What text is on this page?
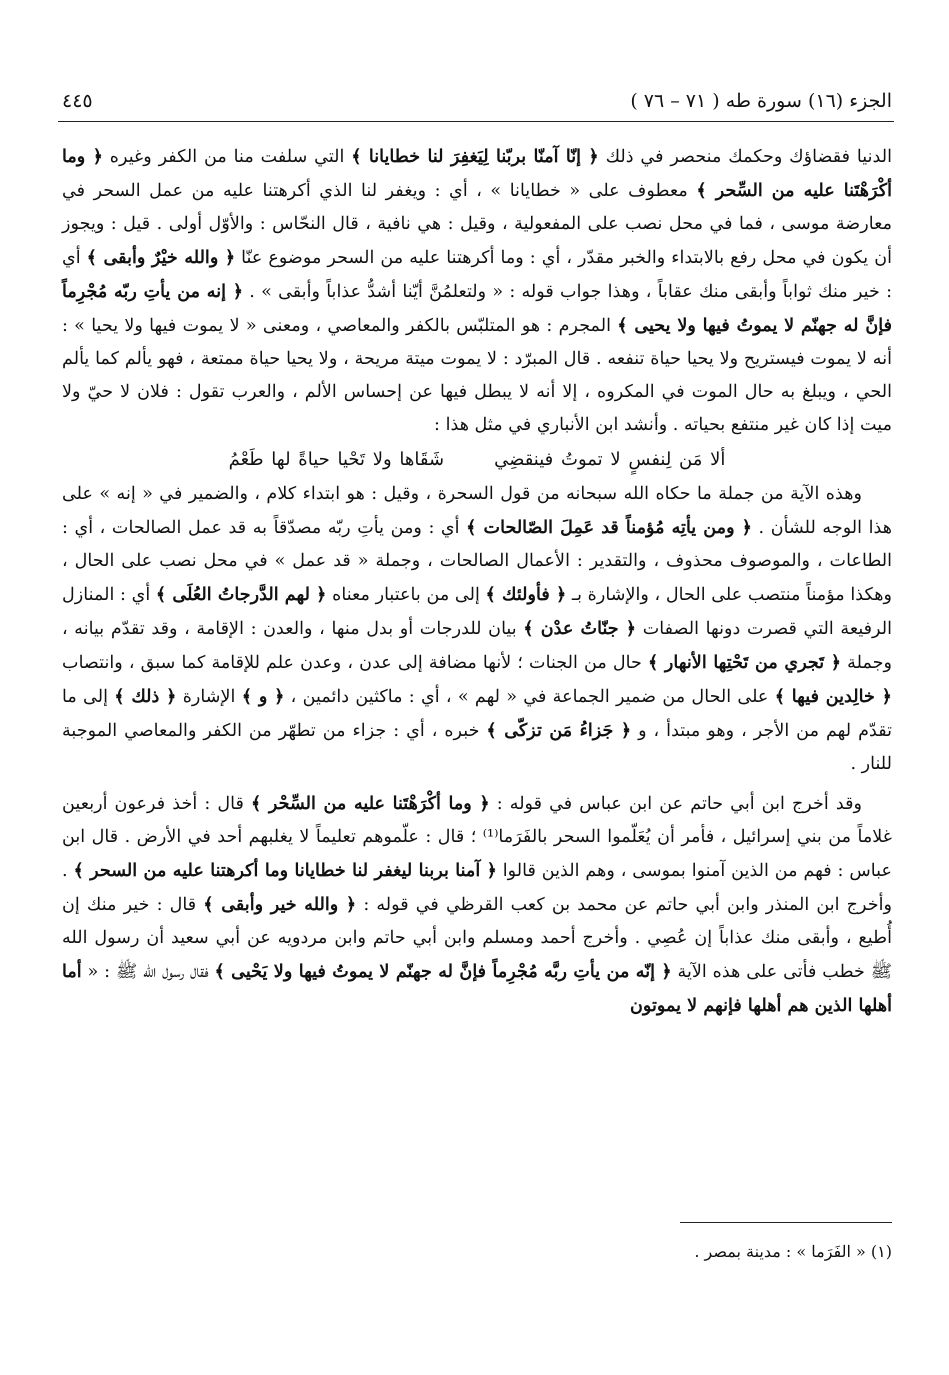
الجزء (١٦) سورة طه ( ٧١ – ٧٦ )
٤٤٥

الدنيا فقضاؤك وحكمك منحصر في ذلك ﴿ إنّا آمنّا بربّنا لِيَغفِرَ لنا خطايانا ﴾ التي سلفت منا من الكفر وغيره ﴿ وما أكْرَهْتَنا عليه من السِّحر ﴾ معطوف على « خطايانا » ، أي : ويغفر لنا الذي أكرهتنا عليه من عمل السحر في معارضة موسى ، فما في محل نصب على المفعولية ، وقيل : هي نافية ، قال النحّاس : والأوّل أولى . قيل : ويجوز أن يكون في محل رفع بالابتداء والخبر مقدّر ، أي : وما أكرهتنا عليه من السحر موضوع عنّا ﴿ والله خيْرٌ وأبقى ﴾ أي : خير منك ثواباً وأبقى منك عقاباً ، وهذا جواب قوله : « ولتعلمُنَّ أيّنا أشدُّ عذاباً وأبقى » . ﴿ إنه من يأتِ ربّه مُجْرِماً فإنَّ له جهنّم لا يموتُ فيها ولا يحيى ﴾ المجرم : هو المتلبّس بالكفر والمعاصي ، ومعنى « لا يموت فيها ولا يحيا » : أنه لا يموت فيستريح ولا يحيا حياة تنفعه . قال المبرّد : لا يموت ميتة مريحة ، ولا يحيا حياة ممتعة ، فهو يألم كما يألم الحي ، ويبلغ به حال الموت في المكروه ، إلا أنه لا يبطل فيها عن إحساس الألم ، والعرب تقول : فلان لا حيّ ولا ميت إذا كان غير منتفع بحياته . وأنشد ابن الأنباري في مثل هذا :

ألا مَن لِنفسٍ لا تموتُ فينقضِيشَقَاها ولا تَحْيا حياةً لها طَعْمُ

وهذه الآية من جملة ما حكاه الله سبحانه من قول السحرة ، وقيل : هو ابتداء كلام ، والضمير في « إنه » على هذا الوجه للشأن . ﴿ ومن يأتِه مُؤمناً قد عَمِلَ الصّالحات ﴾ أي : ومن يأتِ ربّه مصدّقاً به قد عمل الصالحات ، أي : الطاعات ، والموصوف محذوف ، والتقدير : الأعمال الصالحات ، وجملة « قد عمل » في محل نصب على الحال ، وهكذا مؤمناً منتصب على الحال ، والإشارة بـ ﴿ فأولئك ﴾ إلى من باعتبار معناه ﴿ لهم الدَّرجاتُ العُلَى ﴾ أي : المنازل الرفيعة التي قصرت دونها الصفات ﴿ جنّاتُ عدْن ﴾ بيان للدرجات أو بدل منها ، والعدن : الإقامة ، وقد تقدّم بيانه ، وجملة ﴿ تَجري من تَحْتِها الأنهار ﴾ حال من الجنات ؛ لأنها مضافة إلى عدن ، وعدن علم للإقامة كما سبق ، وانتصاب ﴿ خالِدين فيها ﴾ على الحال من ضمير الجماعة في « لهم » ، أي : ماكثين دائمين ، ﴿ و ﴾ الإشارة ﴿ ذلك ﴾ إلى ما تقدّم لهم من الأجر ، وهو مبتدأ ، و ﴿ جَزاءُ مَن تزكّى ﴾ خبره ، أي : جزاء من تطهّر من الكفر والمعاصي الموجبة للنار .

وقد أخرج ابن أبي حاتم عن ابن عباس في قوله : ﴿ وما أكْرَهْتَنا عليه من السِّحْر ﴾ قال : أخذ فرعون أربعين غلاماً من بني إسرائيل ، فأمر أن يُعَلّموا السحر بالفَرَما⁽¹⁾ ؛ قال : علّموهم تعليماً لا يغلبهم أحد في الأرض . قال ابن عباس : فهم من الذين آمنوا بموسى ، وهم الذين قالوا ﴿ آمنا بربنا ليغفر لنا خطايانا وما أكرهتنا عليه من السحر ﴾ . وأخرج ابن المنذر وابن أبي حاتم عن محمد بن كعب القرظي في قوله : ﴿ والله خير وأبقى ﴾ قال : خير منك إن أُطيع ، وأبقى منك عذاباً إن عُصِي . وأخرج أحمد ومسلم وابن أبي حاتم وابن مردويه عن أبي سعيد أن رسول الله ﷺ خطب فأتى على هذه الآية ﴿ إنّه من يأتِ ربَّه مُجْرِماً فإنَّ له جهنّم لا يموتُ فيها ولا يَحْيى ﴾ فقال رسول الله ﷺ : « أما أهلها الذين هم أهلها فإنهم لا يموتون

(١) « الفَرَما » : مدينة بمصر .
